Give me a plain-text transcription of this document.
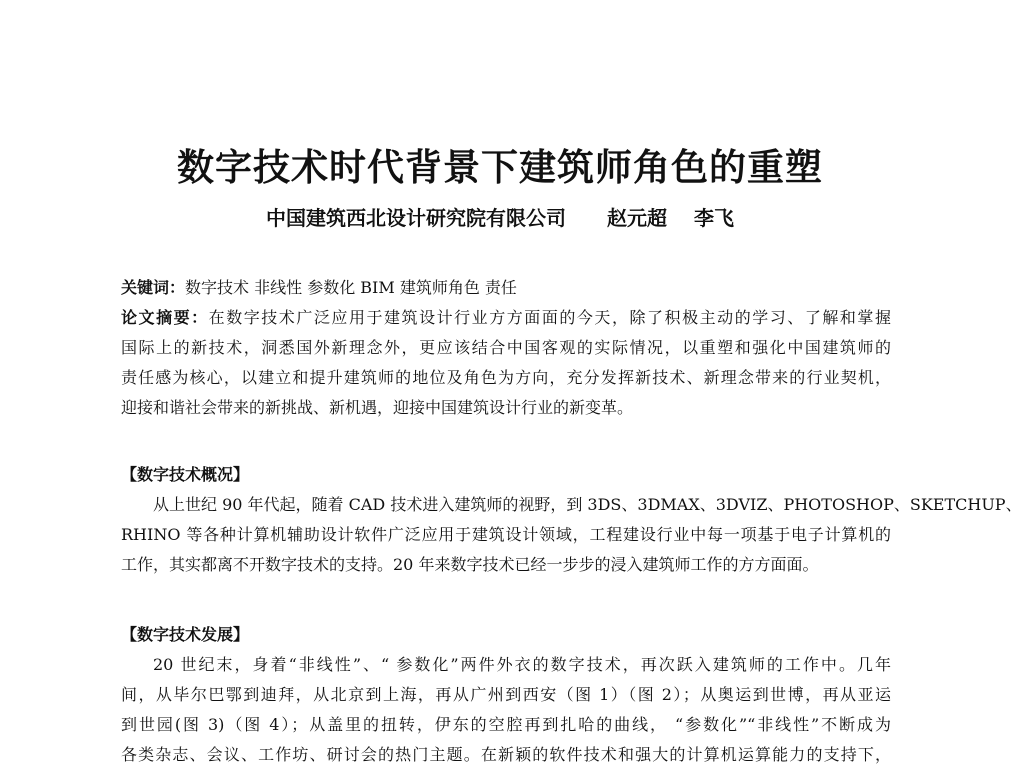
数字技术时代背景下建筑师角色的重塑
中国建筑西北设计研究院有限公司 赵元超 李飞
关键词：数字技术 非线性 参数化 BIM 建筑师角色 责任
论文摘要：在数字技术广泛应用于建筑设计行业方方面面的今天，除了积极主动的学习、了解和掌握
国际上的新技术，洞悉国外新理念外，更应该结合中国客观的实际情况，以重塑和强化中国建筑师的
责任感为核心，以建立和提升建筑师的地位及角色为方向，充分发挥新技术、新理念带来的行业契机，
迎接和谐社会带来的新挑战、新机遇，迎接中国建筑设计行业的新变革。
【数字技术概况】
从上世纪 90 年代起，随着 CAD 技术进入建筑师的视野，到 3DS、3DMAX、3DVIZ、PHOTOSHOP、SKETCHUP、
RHINO 等各种计算机辅助设计软件广泛应用于建筑设计领域，工程建设行业中每一项基于电子计算机的
工作，其实都离不开数字技术的支持。20 年来数字技术已经一步步的浸入建筑师工作的方方面面。
【数字技术发展】
20 世纪末，身着“非线性”、“ 参数化”两件外衣的数字技术，再次跃入建筑师的工作中。几年
间，从毕尔巴鄂到迪拜，从北京到上海，再从广州到西安（图 1）（图 2）；从奥运到世博，再从亚运
到世园(图 3)（图 4）；从盖里的扭转，伊东的空腔再到扎哈的曲线， “参数化”“非线性”不断成为
各类杂志、会议、工作坊、研讨会的热门主题。在新颖的软件技术和强大的计算机运算能力的支持下，
